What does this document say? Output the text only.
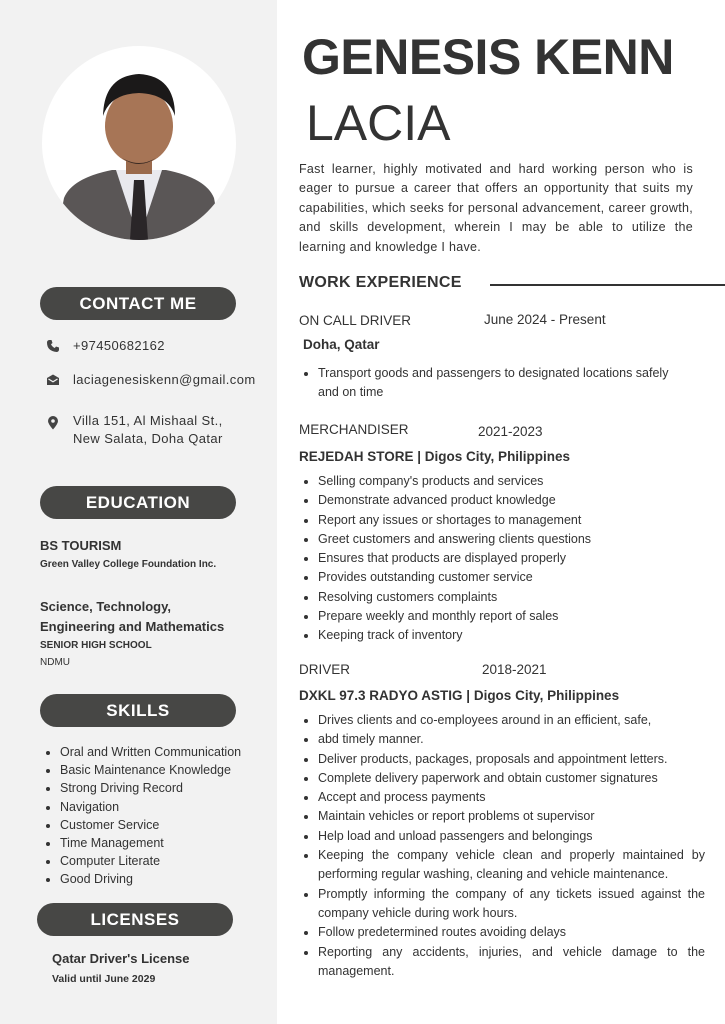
CONTACT ME
+97450682162
laciagenesiskenn@gmail.com
Villa 151, Al Mishaal St.,
New Salata, Doha Qatar
EDUCATION
BS TOURISM
Green Valley College Foundation Inc.
Science, Technology,
Engineering and Mathematics
SENIOR HIGH SCHOOL
NDMU
SKILLS
• Oral and Written Communication
• Basic Maintenance Knowledge
• Strong Driving Record
• Navigation
• Customer Service
• Time Management
• Computer Literate
• Good Driving
LICENSES
Qatar Driver's License
Valid until June 2029
GENESIS KENN
LACIA
Fast learner, highly motivated and hard working person who is eager to pursue a career that offers an opportunity that suits my capabilities, which seeks for personal advancement, career growth, and skills development, wherein I may be able to utilize the learning and knowledge I have.
WORK EXPERIENCE
ON CALL DRIVER	June 2024 - Present
Doha, Qatar
• Transport goods and passengers to designated locations safely and on time
MERCHANDISER	2021-2023
REJEDAH STORE | Digos City, Philippines
• Selling company's products and services
• Demonstrate advanced product knowledge
• Report any issues or shortages to management
• Greet customers and answering clients questions
• Ensures that products are displayed properly
• Provides outstanding customer service
• Resolving customers complaints
• Prepare weekly and monthly report of sales
• Keeping track of inventory
DRIVER	2018-2021
DXKL 97.3 RADYO ASTIG | Digos City, Philippines
• Drives clients and co-employees around in an efficient, safe,
• abd timely manner.
• Deliver products, packages, proposals and appointment letters.
• Complete delivery paperwork and obtain customer signatures
• Accept and process payments
• Maintain vehicles or report problems ot supervisor
• Help load and unload passengers and belongings
• Keeping the company vehicle clean and properly maintained by performing regular washing, cleaning and vehicle maintenance.
• Promptly informing the company of any tickets issued against the company vehicle during work hours.
• Follow predetermined routes avoiding delays
• Reporting any accidents, injuries, and vehicle damage to the management.
